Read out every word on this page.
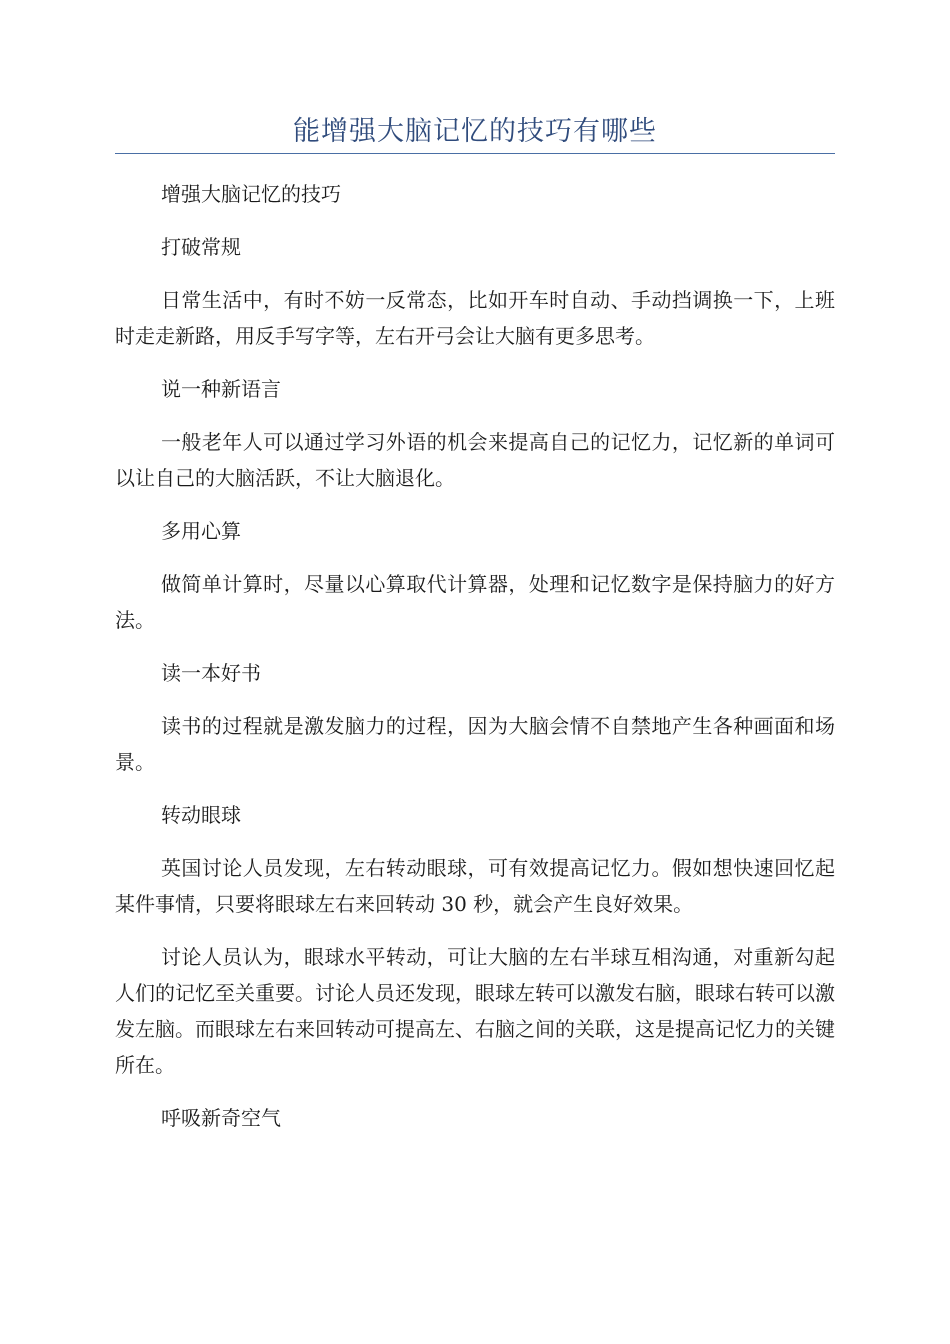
能增强大脑记忆的技巧有哪些

增强大脑记忆的技巧

打破常规

日常生活中，有时不妨一反常态，比如开车时自动、手动挡调换一下，上班时走走新路，用反手写字等，左右开弓会让大脑有更多思考。

说一种新语言

一般老年人可以通过学习外语的机会来提高自己的记忆力，记忆新的单词可以让自己的大脑活跃，不让大脑退化。

多用心算

做简单计算时，尽量以心算取代计算器，处理和记忆数字是保持脑力的好方法。

读一本好书

读书的过程就是激发脑力的过程，因为大脑会情不自禁地产生各种画面和场景。

转动眼球

英国讨论人员发现，左右转动眼球，可有效提高记忆力。假如想快速回忆起某件事情，只要将眼球左右来回转动 30 秒，就会产生良好效果。

讨论人员认为，眼球水平转动，可让大脑的左右半球互相沟通，对重新勾起人们的记忆至关重要。讨论人员还发现，眼球左转可以激发右脑，眼球右转可以激发左脑。而眼球左右来回转动可提高左、右脑之间的关联，这是提高记忆力的关键所在。

呼吸新奇空气
